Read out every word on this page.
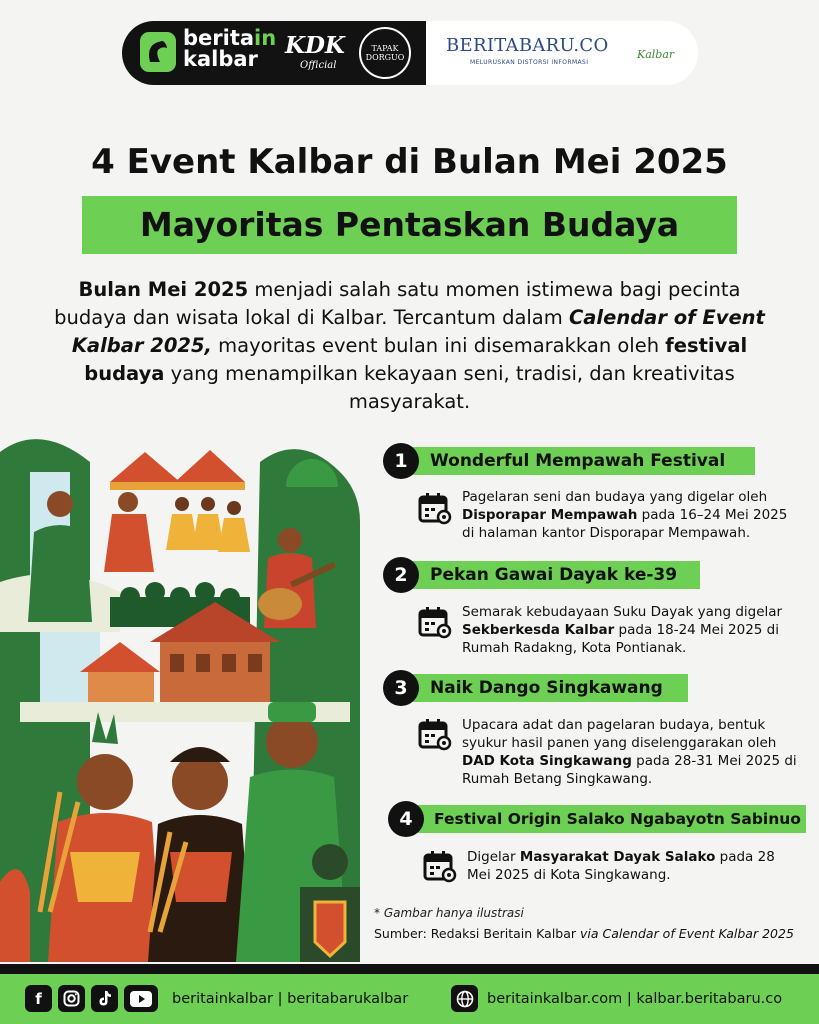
beritain
kalbar	KDK
Official
TAPAK DORGUO
BERITABARU.CO
MELURUSKAN DISTORSI INFORMASI
Kalbar
4 Event Kalbar di Bulan Mei 2025
Mayoritas Pentaskan Budaya
Bulan Mei 2025 menjadi salah satu momen istimewa bagi pecinta budaya dan wisata lokal di Kalbar. Tercantum dalam Calendar of Event Kalbar 2025, mayoritas event bulan ini disemarakkan oleh festival budaya yang menampilkan kekayaan seni, tradisi, dan kreativitas masyarakat.
1	Wonderful Mempawah Festival
Pagelaran seni dan budaya yang digelar oleh Disporapar Mempawah pada 16–24 Mei 2025 di halaman kantor Disporapar Mempawah.
2	Pekan Gawai Dayak ke-39
Semarak kebudayaan Suku Dayak yang digelar Sekberkesda Kalbar pada 18-24 Mei 2025 di Rumah Radakng, Kota Pontianak.
3	Naik Dango Singkawang
Upacara adat dan pagelaran budaya, bentuk syukur hasil panen yang diselenggarakan oleh DAD Kota Singkawang pada 28-31 Mei 2025 di Rumah Betang Singkawang.
4	Festival Origin Salako Ngabayotn Sabinuo
Digelar Masyarakat Dayak Salako pada 28 Mei 2025 di Kota Singkawang.
* Gambar hanya ilustrasi
Sumber: Redaksi Beritain Kalbar via Calendar of Event Kalbar 2025
f	beritainkalbar | beritabarukalbar	beritainkalbar.com | kalbar.beritabaru.co
